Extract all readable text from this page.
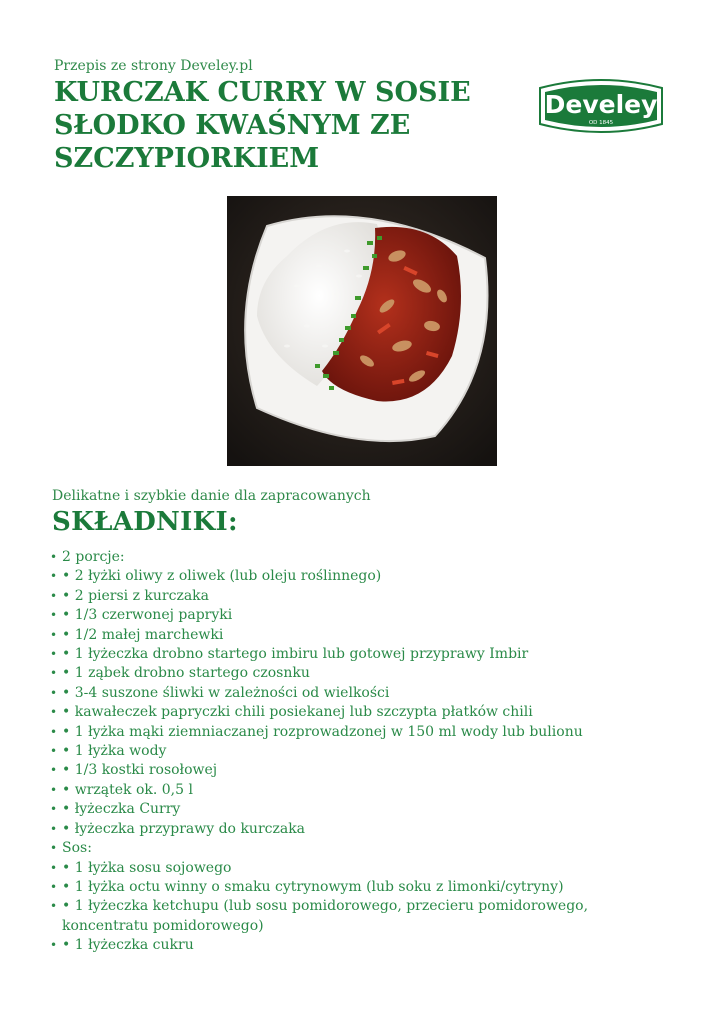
Przepis ze strony Develey.pl
KURCZAK CURRY W SOSIE SŁODKO KWAŚNYM ZE SZCZYPIORKIEM
Develey
OD 1845
Delikatne i szybkie danie dla zapracowanych
SKŁADNIKI:
• 2 porcje:
• • 2 łyżki oliwy z oliwek (lub oleju roślinnego)
• • 2 piersi z kurczaka
• • 1/3 czerwonej papryki
• • 1/2 małej marchewki
• • 1 łyżeczka drobno startego imbiru lub gotowej przyprawy Imbir
• • 1 ząbek drobno startego czosnku
• • 3-4 suszone śliwki w zależności od wielkości
• • kawałeczek papryczki chili posiekanej lub szczypta płatków chili
• • 1 łyżka mąki ziemniaczanej rozprowadzonej w 150 ml wody lub bulionu
• • 1 łyżka wody
• • 1/3 kostki rosołowej
• • wrzątek ok. 0,5 l
• • łyżeczka Curry
• • łyżeczka przyprawy do kurczaka
• Sos:
• • 1 łyżka sosu sojowego
• • 1 łyżka octu winny o smaku cytrynowym (lub soku z limonki/cytryny)
• • 1 łyżeczka ketchupu (lub sosu pomidorowego, przecieru pomidorowego, koncentratu pomidorowego)
• • 1 łyżeczka cukru
